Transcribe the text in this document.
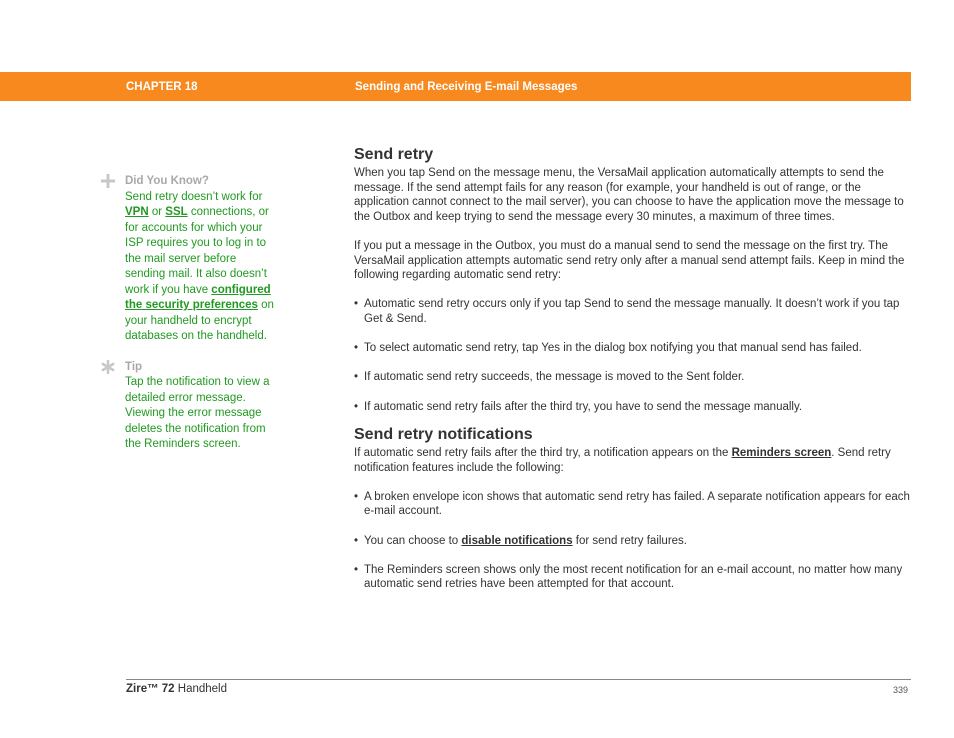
CHAPTER 18	Sending and Receiving E-mail Messages
Did You Know?
Send retry doesn’t work for VPN or SSL connections, or for accounts for which your ISP requires you to log in to the mail server before sending mail. It also doesn’t work if you have configured the security preferences on your handheld to encrypt databases on the handheld.
Tip
Tap the notification to view a detailed error message. Viewing the error message deletes the notification from the Reminders screen.
Send retry

When you tap Send on the message menu, the VersaMail application automatically attempts to send the message. If the send attempt fails for any reason (for example, your handheld is out of range, or the application cannot connect to the mail server), you can choose to have the application move the message to the Outbox and keep trying to send the message every 30 minutes, a maximum of three times.

If you put a message in the Outbox, you must do a manual send to send the message on the first try. The VersaMail application attempts automatic send retry only after a manual send attempt fails. Keep in mind the following regarding automatic send retry:

• Automatic send retry occurs only if you tap Send to send the message manually. It doesn’t work if you tap Get & Send.
• To select automatic send retry, tap Yes in the dialog box notifying you that manual send has failed.
• If automatic send retry succeeds, the message is moved to the Sent folder.
• If automatic send retry fails after the third try, you have to send the message manually.
Send retry notifications

If automatic send retry fails after the third try, a notification appears on the Reminders screen. Send retry notification features include the following:

• A broken envelope icon shows that automatic send retry has failed. A separate notification appears for each e-mail account.
• You can choose to disable notifications for send retry failures.
• The Reminders screen shows only the most recent notification for an e-mail account, no matter how many automatic send retries have been attempted for that account.
Zire™ 72 Handheld	339
